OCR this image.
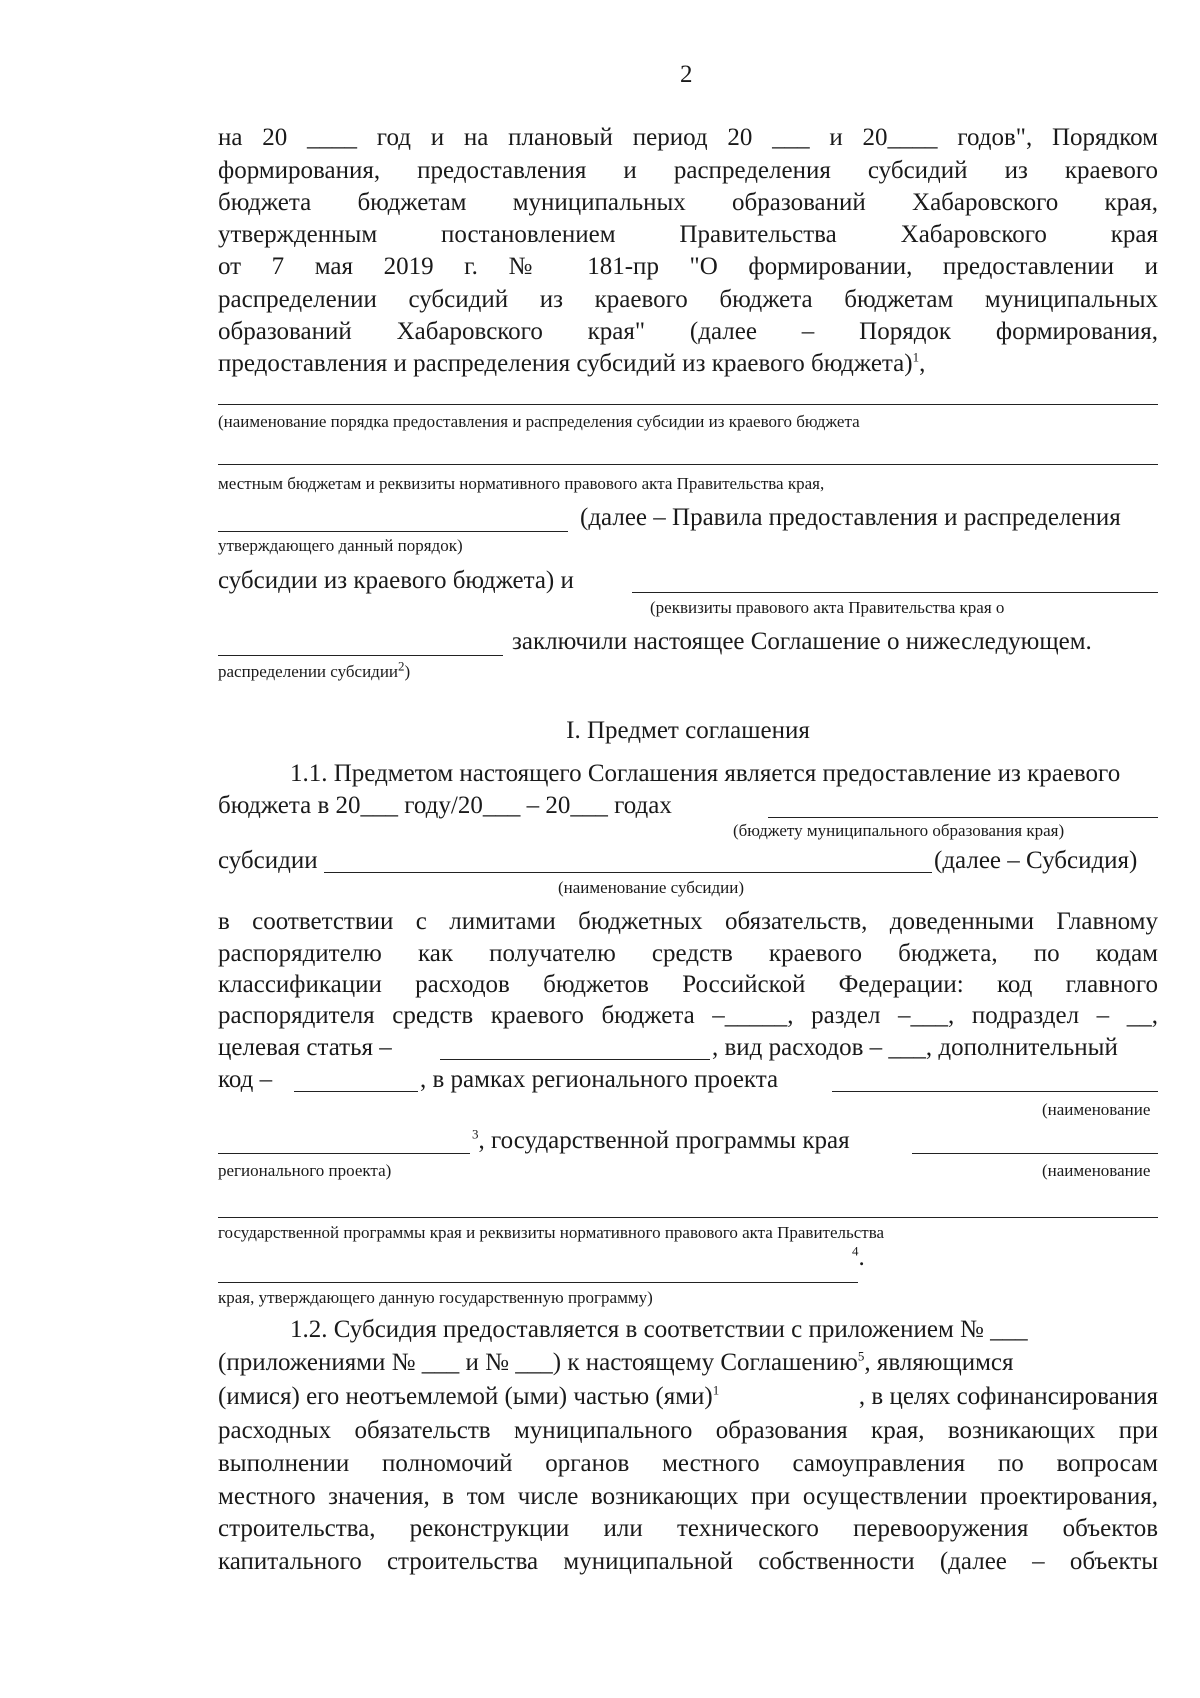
2
на 20 ____ год и на плановый период 20 ___ и 20____ годов", Порядком
формирования, предоставления и распределения субсидий из краевого
бюджета бюджетам муниципальных образований Хабаровского края,
утвержденным постановлением Правительства Хабаровского края
от 7 мая 2019 г. № 181-пр "О формировании, предоставлении и
распределении субсидий из краевого бюджета бюджетам муниципальных
образований Хабаровского края" (далее – Порядок формирования,
предоставления и распределения субсидий из краевого бюджета)$^1$,
(наименование порядка предоставления и распределения субсидии из краевого бюджета
местным бюджетам и реквизиты нормативного правового акта Правительства края,
(далее – Правила предоставления и распределения
утверждающего данный порядок)
субсидии из краевого бюджета) и
(реквизиты правового акта Правительства края о
заключили настоящее Соглашение о нижеследующем.
распределении субсидии$^2$)
I. Предмет соглашения
1.1. Предметом настоящего Соглашения является предоставление из краевого
бюджета в 20___ году/20___ – 20___ годах
(бюджету муниципального образования края)
субсидии	(далее – Субсидия)
(наименование субсидии)
в соответствии с лимитами бюджетных обязательств, доведенными Главному
распорядителю как получателю средств краевого бюджета, по кодам
классификации расходов бюджетов Российской Федерации: код главного
распорядителя средств краевого бюджета –_____, раздел –___, подраздел – __,
целевая статья –	, вид расходов – ___, дополнительный
код –	, в рамках регионального проекта
(наименование
$^3$, государственной программы края
регионального проекта)	(наименование
государственной программы края и реквизиты нормативного правового акта Правительства
$^4$.
края, утверждающего данную государственную программу)
1.2. Субсидия предоставляется в соответствии с приложением № ___
(приложениями № ___ и № ___) к настоящему Соглашению$^5$, являющимся
(имися) его неотъемлемой (ыми) частью (ями)$^1$	, в целях софинансирования
расходных обязательств муниципального образования края, возникающих при
выполнении полномочий органов местного самоуправления по вопросам
местного значения, в том числе возникающих при осуществлении проектирования,
строительства, реконструкции или технического перевооружения объектов
капитального строительства муниципальной собственности (далее – объекты
